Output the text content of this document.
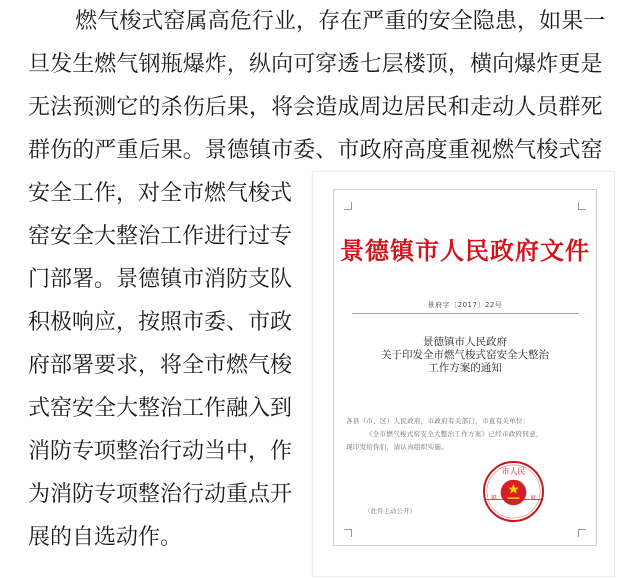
燃气梭式窑属高危行业，存在严重的安全隐患，如果一
旦发生燃气钢瓶爆炸，纵向可穿透七层楼顶，横向爆炸更是
无法预测它的杀伤后果，将会造成周边居民和走动人员群死
群伤的严重后果。景德镇市委、市政府高度重视燃气梭式窑
安全工作，对全市燃气梭式
窑安全大整治工作进行过专
门部署。景德镇市消防支队
积极响应，按照市委、市政
府部署要求，将全市燃气梭
式窑安全大整治工作融入到
消防专项整治行动当中，作
为消防专项整治行动重点开
展的自选动作。
景德镇市人民政府文件
景府字〔2017〕22号
景德镇市人民政府
关于印发全市燃气梭式窑安全大整治
工作方案的通知
各县（市、区）人民政府，市政府有关部门，市直有关单位：
《全市燃气梭式窑安全大整治工作方案》已经市政府同意，
现印发给你们，请认真组织实施。
市人民
镇	府
（此件主动公开）
